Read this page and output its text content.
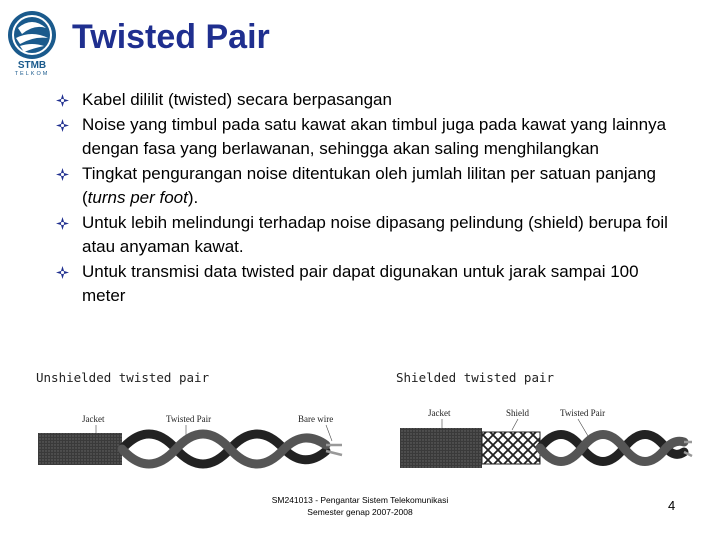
STMB
TELKOM
Twisted Pair
Kabel dililit (twisted) secara berpasangan
Noise yang timbul pada satu kawat akan timbul juga pada kawat yang lainnya dengan fasa yang berlawanan, sehingga akan saling menghilangkan
Tingkat pengurangan noise ditentukan oleh jumlah lilitan per satuan panjang (turns per foot).
Untuk lebih melindungi terhadap noise dipasang pelindung (shield) berupa foil atau anyaman kawat.
Untuk transmisi data twisted pair dapat digunakan untuk jarak sampai 100 meter
Unshielded twisted pair	Shielded twisted pair
Jacket	Twisted Pair	Bare wire
Jacket	Shield	Twisted Pair
SM241013 - Pengantar Sistem Telekomunikasi
Semester genap 2007-2008	4
